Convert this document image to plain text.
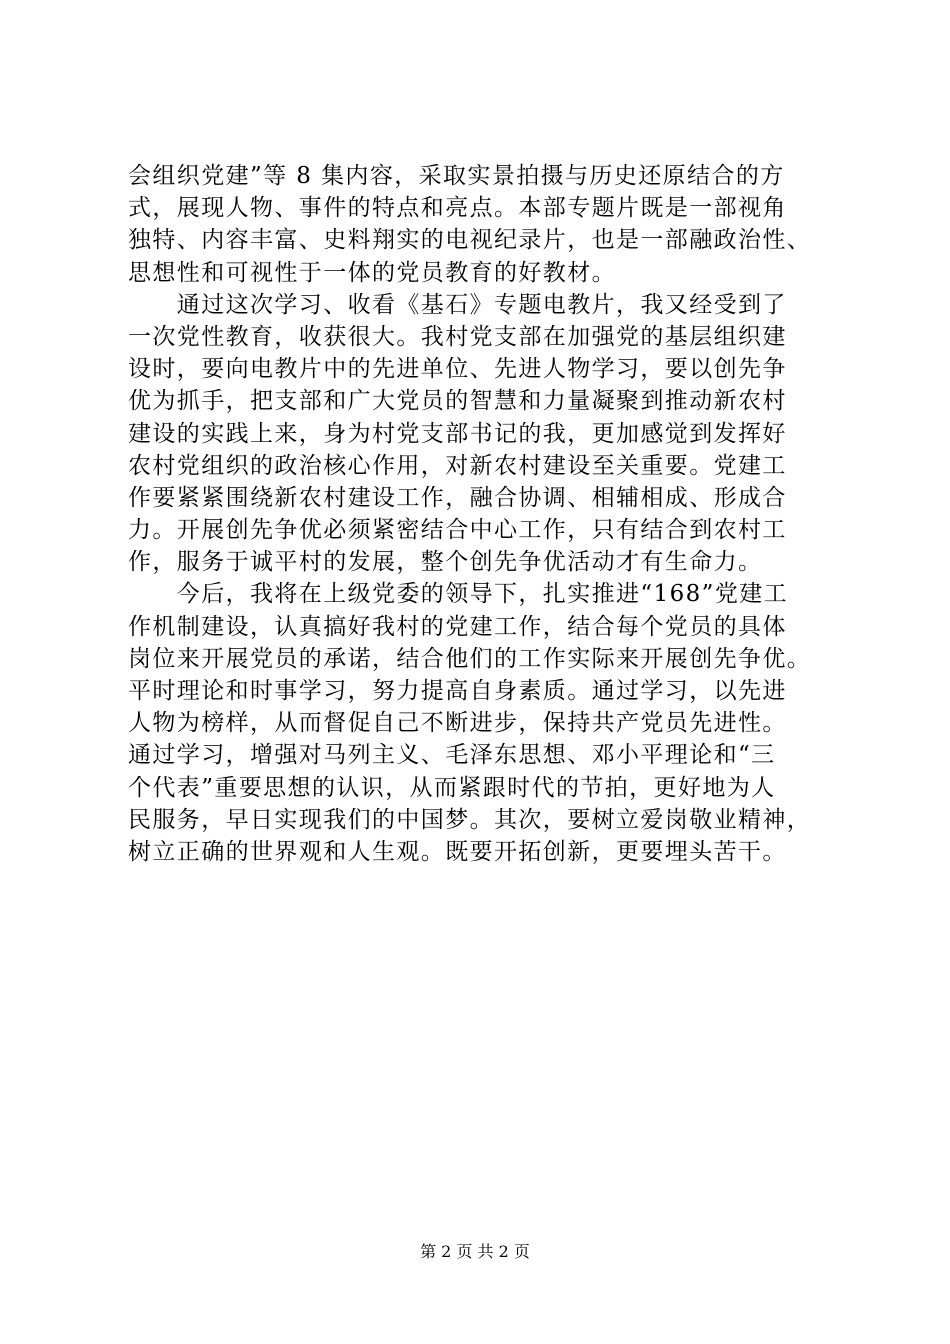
会组织党建”等 8 集内容，采取实景拍摄与历史还原结合的方
式，展现人物、事件的特点和亮点。本部专题片既是一部视角
独特、内容丰富、史料翔实的电视纪录片，也是一部融政治性、
思想性和可视性于一体的党员教育的好教材。
　　通过这次学习、收看《基石》专题电教片，我又经受到了
一次党性教育，收获很大。我村党支部在加强党的基层组织建
设时，要向电教片中的先进单位、先进人物学习，要以创先争
优为抓手，把支部和广大党员的智慧和力量凝聚到推动新农村
建设的实践上来，身为村党支部书记的我，更加感觉到发挥好
农村党组织的政治核心作用，对新农村建设至关重要。党建工
作要紧紧围绕新农村建设工作，融合协调、相辅相成、形成合
力。开展创先争优必须紧密结合中心工作，只有结合到农村工
作，服务于诚平村的发展，整个创先争优活动才有生命力。
　　今后，我将在上级党委的领导下，扎实推进“168”党建工
作机制建设，认真搞好我村的党建工作，结合每个党员的具体
岗位来开展党员的承诺，结合他们的工作实际来开展创先争优。
平时理论和时事学习，努力提高自身素质。通过学习，以先进
人物为榜样，从而督促自己不断进步，保持共产党员先进性。
通过学习，增强对马列主义、毛泽东思想、邓小平理论和“三
个代表”重要思想的认识，从而紧跟时代的节拍，更好地为人
民服务，早日实现我们的中国梦。其次，要树立爱岗敬业精神，
树立正确的世界观和人生观。既要开拓创新，更要埋头苦干。
第 2 页 共 2 页
